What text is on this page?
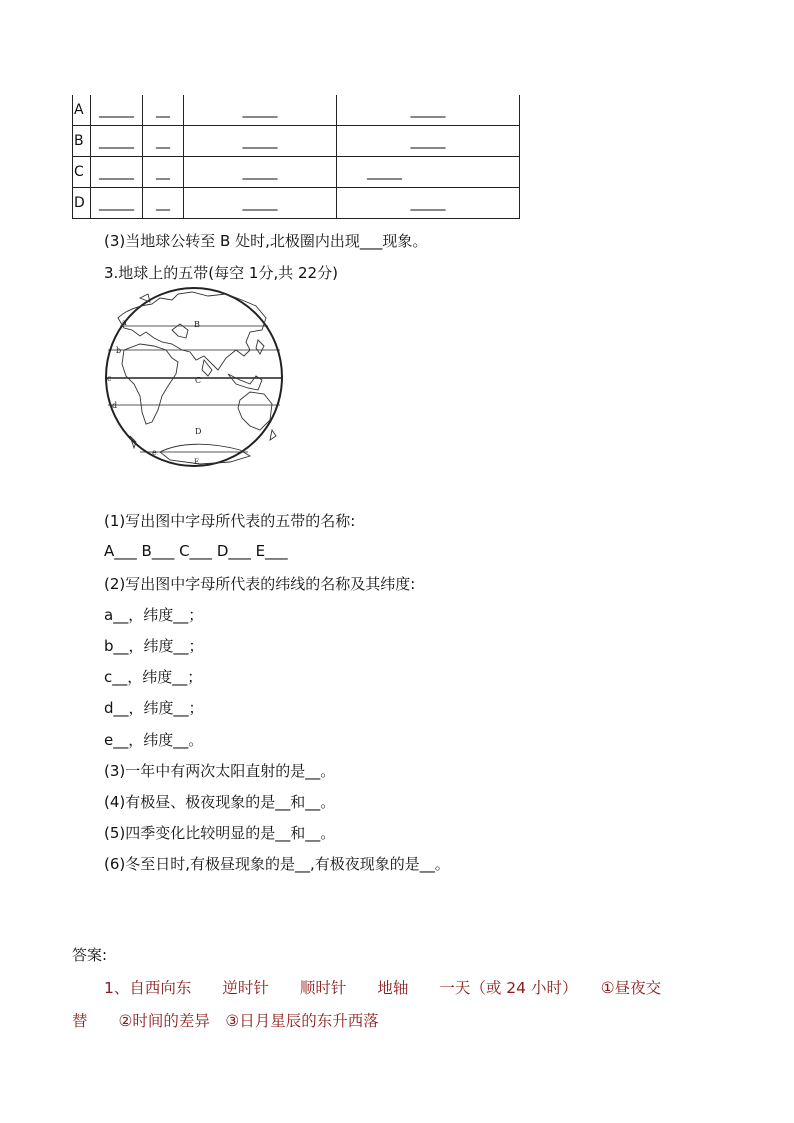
A	_____	__	_____	_____
B	_____	__	_____	_____
C	_____	__	_____	_____
D	_____	__	_____	_____
(3)当地球公转至 B 处时,北极圈内出现___现象。
3.地球上的五带(每空 1分,共 22分)
B
C
D
E
a
b
c
d
e
(1)写出图中字母所代表的五带的名称:
A___ B___ C___ D___ E___
(2)写出图中字母所代表的纬线的名称及其纬度:
a__，纬度__；
b__，纬度__；
c__，纬度__；
d__，纬度__；
e__，纬度__。
(3)一年中有两次太阳直射的是__。
(4)有极昼、极夜现象的是__和__。
(5)四季变化比较明显的是__和__。
(6)冬至日时,有极昼现象的是__,有极夜现象的是__。
答案:
1、自西向东　　逆时针　　顺时针　　地轴　　一天（或 24 小时）　　①昼夜交
替　　②时间的差异　③日月星辰的东升西落
